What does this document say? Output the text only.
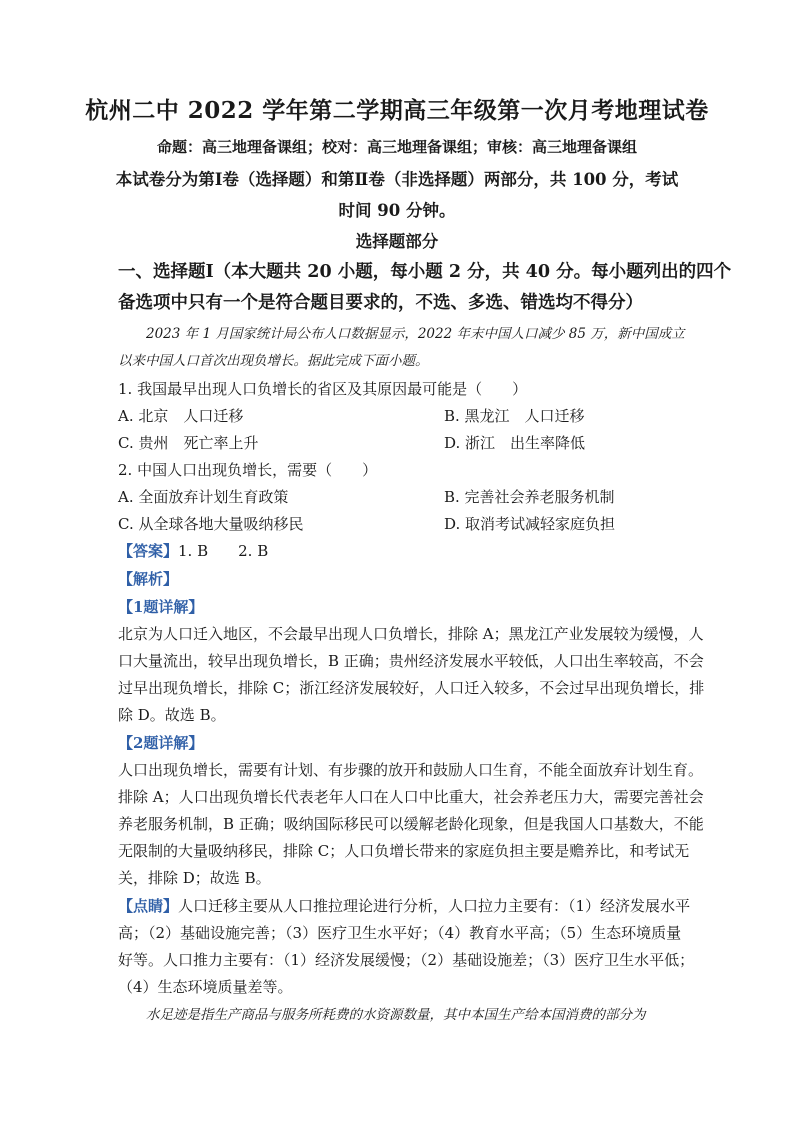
杭州二中 2022 学年第二学期高三年级第一次月考地理试卷
命题：高三地理备课组；校对：高三地理备课组；审核：高三地理备课组
本试卷分为第Ⅰ卷（选择题）和第Ⅱ卷（非选择题）两部分，共 100 分，考试
时间 90 分钟。
选择题部分
一、选择题Ⅰ（本大题共 20 小题，每小题 2 分，共 40 分。每小题列出的四个
备选项中只有一个是符合题目要求的，不选、多选、错选均不得分）
2023 年 1 月国家统计局公布人口数据显示，2022 年末中国人口减少 85 万，新中国成立
以来中国人口首次出现负增长。据此完成下面小题。
1. 我国最早出现人口负增长的省区及其原因最可能是（　　）
A. 北京　人口迁移	B. 黑龙江　人口迁移
C. 贵州　死亡率上升	D. 浙江　出生率降低
2. 中国人口出现负增长，需要（　　）
A. 全面放弃计划生育政策	B. 完善社会养老服务机制
C. 从全球各地大量吸纳移民	D. 取消考试减轻家庭负担
【答案】1. B　　2. B
【解析】
【1题详解】
北京为人口迁入地区，不会最早出现人口负增长，排除 A；黑龙江产业发展较为缓慢，人
口大量流出，较早出现负增长，B 正确；贵州经济发展水平较低，人口出生率较高，不会
过早出现负增长，排除 C；浙江经济发展较好，人口迁入较多，不会过早出现负增长，排
除 D。故选 B。
【2题详解】
人口出现负增长，需要有计划、有步骤的放开和鼓励人口生育，不能全面放弃计划生育。
排除 A；人口出现负增长代表老年人口在人口中比重大，社会养老压力大，需要完善社会
养老服务机制，B 正确；吸纳国际移民可以缓解老龄化现象，但是我国人口基数大，不能
无限制的大量吸纳移民，排除 C；人口负增长带来的家庭负担主要是赡养比，和考试无
关，排除 D；故选 B。
【点睛】人口迁移主要从人口推拉理论进行分析，人口拉力主要有：（1）经济发展水平
高；（2）基础设施完善；（3）医疗卫生水平好；（4）教育水平高；（5）生态环境质量
好等。人口推力主要有：（1）经济发展缓慢；（2）基础设施差；（3）医疗卫生水平低；
（4）生态环境质量差等。
水足迹是指生产商品与服务所耗费的水资源数量，其中本国生产给本国消费的部分为
